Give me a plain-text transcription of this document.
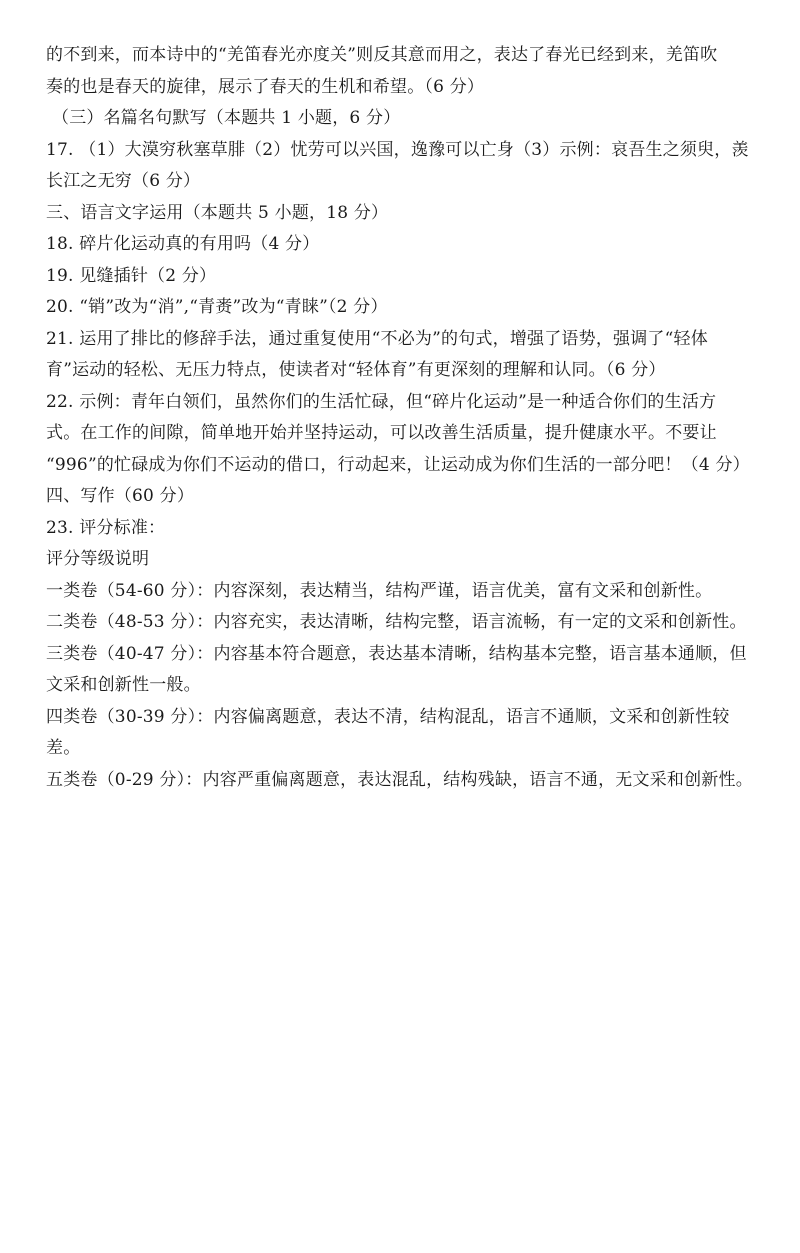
的不到来，而本诗中的“羌笛春光亦度关”则反其意而用之，表达了春光已经到来，羌笛吹
奏的也是春天的旋律，展示了春天的生机和希望。（6 分）
（三）名篇名句默写（本题共 1 小题，6 分）
17. （1）大漠穷秋塞草腓（2）忧劳可以兴国，逸豫可以亡身（3）示例：哀吾生之须臾，羡
长江之无穷（6 分）
三、语言文字运用（本题共 5 小题，18 分）
18. 碎片化运动真的有用吗（4 分）
19. 见缝插针（2 分）
20. “销”改为“消”,“青赉”改为“青睐”（2 分）
21. 运用了排比的修辞手法，通过重复使用“不必为”的句式，增强了语势，强调了“轻体
育”运动的轻松、无压力特点，使读者对“轻体育”有更深刻的理解和认同。（6 分）
22. 示例：青年白领们，虽然你们的生活忙碌，但“碎片化运动”是一种适合你们的生活方
式。在工作的间隙，简单地开始并坚持运动，可以改善生活质量，提升健康水平。不要让
“996”的忙碌成为你们不运动的借口，行动起来，让运动成为你们生活的一部分吧！（4 分）
四、写作（60 分）
23. 评分标准：
评分等级说明
一类卷（54-60 分）：内容深刻，表达精当，结构严谨，语言优美，富有文采和创新性。
二类卷（48-53 分）：内容充实，表达清晰，结构完整，语言流畅，有一定的文采和创新性。
三类卷（40-47 分）：内容基本符合题意，表达基本清晰，结构基本完整，语言基本通顺，但
文采和创新性一般。
四类卷（30-39 分）：内容偏离题意，表达不清，结构混乱，语言不通顺，文采和创新性较
差。
五类卷（0-29 分）：内容严重偏离题意，表达混乱，结构残缺，语言不通，无文采和创新性。
